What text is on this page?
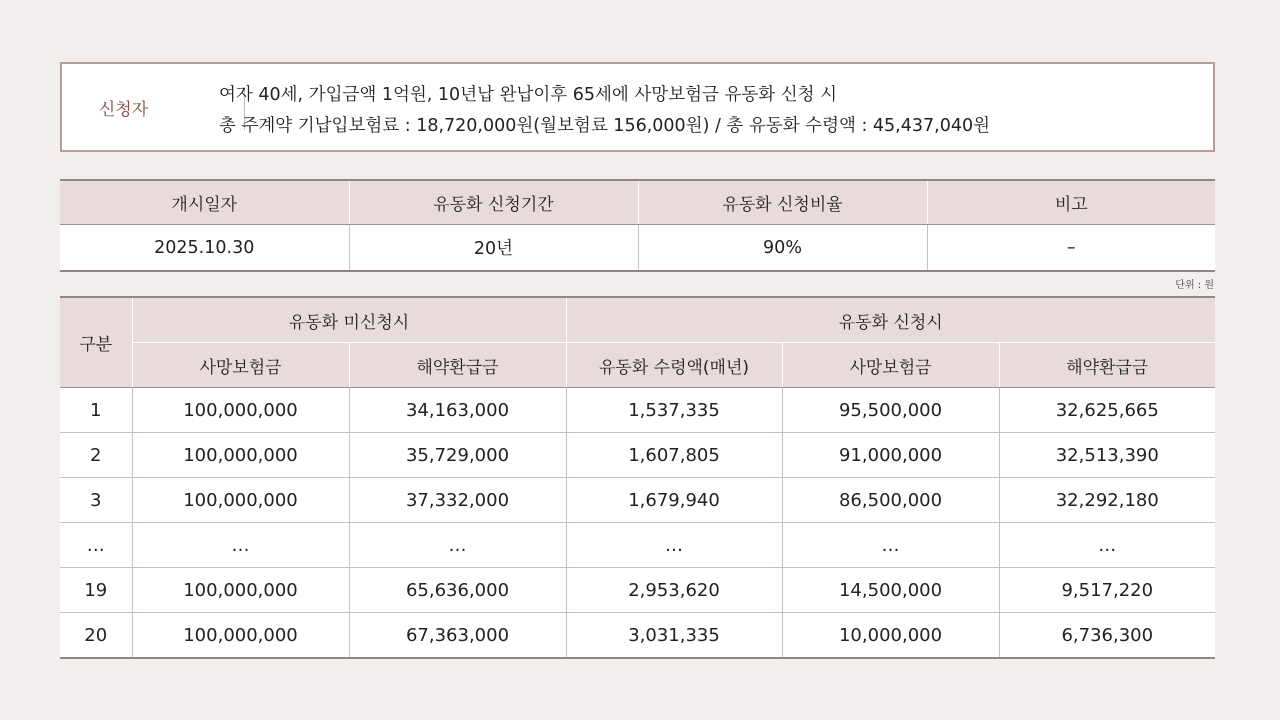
신청자
여자 40세, 가입금액 1억원, 10년납 완납이후 65세에 사망보험금 유동화 신청 시
총 주계약 기납입보험료 : 18,720,000원(월보험료 156,000원) / 총 유동화 수령액 : 45,437,040원
개시일자	유동화 신청기간	유동화 신청비율	비고
2025.10.30	20년	90%	–
단위 : 원
구분	유동화 미신청시		유동화 신청시		
	사망보험금	해약환급금	유동화 수령액(매년)	사망보험금	해약환급금
1	100,000,000	34,163,000	1,537,335	95,500,000	32,625,665
2	100,000,000	35,729,000	1,607,805	91,000,000	32,513,390
3	100,000,000	37,332,000	1,679,940	86,500,000	32,292,180
…	…	…	…	…	…
19	100,000,000	65,636,000	2,953,620	14,500,000	9,517,220
20	100,000,000	67,363,000	3,031,335	10,000,000	6,736,300
